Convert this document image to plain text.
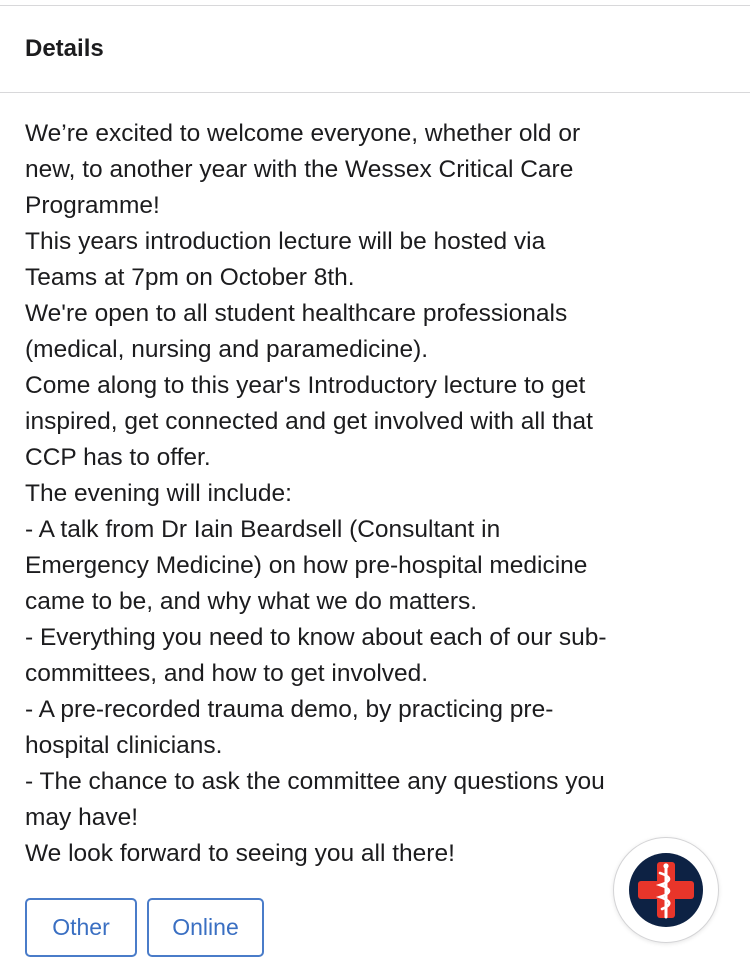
Details
We’re excited to welcome everyone, whether old or
new, to another year with the Wessex Critical Care
Programme!
This years introduction lecture will be hosted via
Teams at 7pm on October 8th.
We're open to all student healthcare professionals
(medical, nursing and paramedicine).
Come along to this year's Introductory lecture to get
inspired, get connected and get involved with all that
CCP has to offer.
The evening will include:
- A talk from Dr Iain Beardsell (Consultant in
Emergency Medicine) on how pre-hospital medicine
came to be, and why what we do matters.
- Everything you need to know about each of our sub-
committees, and how to get involved.
- A pre-recorded trauma demo, by practicing pre-
hospital clinicians.
- The chance to ask the committee any questions you
may have!
We look forward to seeing you all there!
Other	Online
